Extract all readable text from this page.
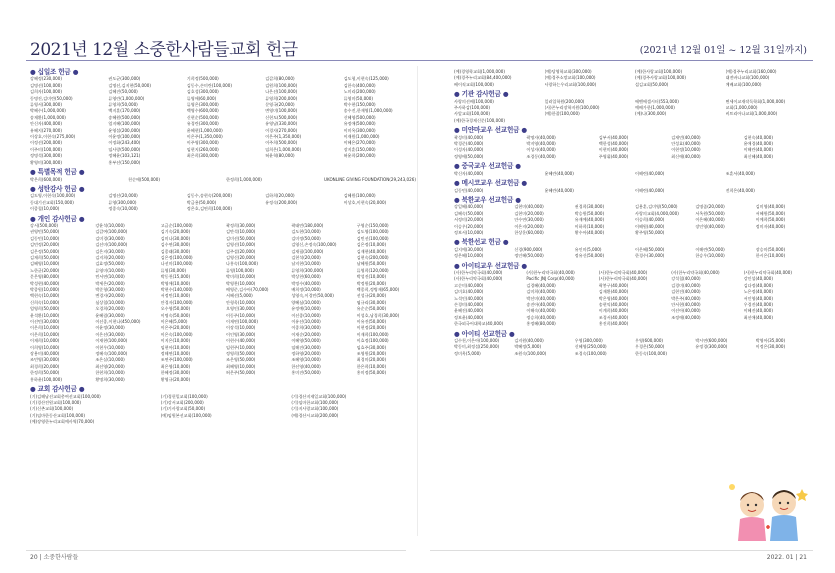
2021년 12월 소중한사람들교회 헌금	(2021년 12월 01일 ~ 12월 31일까지)
● 십일조 헌금 ●
강혜정(230,000)	권도균(300,000)	기희정(500,000)	김갑희(80,000)	김도형,이현숙(125,000)
김명선(100,000)	김명선,김지현(50,000)	김동수,손미란(100,000)	김원희(100,000)	김한숙(400,000)
김희자(100,000)	김혜진(50,000)	김호성(300,000)	나은선(100,000)	노미리(200,000)
동명진,김미란(50,000)	류영란(1,000,000)	류영애(60,000)	류영희(200,000)	류영미(50,000)
류영서(300,000)	류영희(50,000)	류영은(300,000)	문영국(20,000)	박수현(150,000)
박혜수(1,000,000)	백지훈(170,000)	백영수(600,000)	변영미(100,000)	송수진,한재영(1,000,000)
송재환(1,000,000)	송혜원(500,000)	신현순(500,000)	신현도(500,000)	신혜영(500,000)
안신자(400,000)	엄지혜(100,000)	유경란(300,000)	유영남(330,000)	유정애(500,000)
유혜지(270,000)	윤영섭(200,000)	윤혜현(1,000,000)	이경자(270,000)	이미옥(300,000)
이상호,이현숙(275,000)	이윤정(100,000)	이은주(1,350,000)	이은주(1,350,000)	이재원(1,000,000)
이정선(200,000)	이정화(243,400)	이주영(300,000)	이주희(500,000)	이혜은(270,000)
이주미(100,000)	임사랑(500,000)	임현지(260,000)	임희은(1,000,000)	장지훈(150,000)
정명석(300,000)	정혜윤(103,121)	최은희(300,000)	허윤혁(80,000)	허윤희(200,000)
황영미(300,000)	홍부선(150,000)
● 특별목적 헌금 ●
박은희(600,000)	천순애(500,000)	한정희(1,000,000)	UKONLINE GIVING FOUNDATION(29,243,026)
● 성탄감사 헌금 ●
김도영,이현숙(100,000)	김명선(20,000)	김동수,송현숙(200,000)	김하희(20,000)	김혜원(100,000)
동대기선교회(150,000)	류영(300,000)	박금용(50,000)	유정숙(200,000)	이상호,이현숙(20,000)
이종철(10,000)	정종숙(10,000)	정은호,김연희(100,000)
● 개인 감사헌금 ●
강서(500,000)	강윤석(10,000)	고급순(100,000)	곽정희(30,000)	곽태민(180,000)	구영순(150,000)
권영민(50,000)	김갑여(100,000)	김기숙(20,000)	김만석(10,000)	김도현(10,000)	김도영(100,000)
김동민(10,000)	김미경(30,000)	김미나(30,000)	김미선(50,000)	김미정(50,000)	김민선(100,000)
김민정(20,000)	김선미(100,000)	김수연(30,000)	김영선(10,000)	김영신,손정숙(100,000)	김은정(10,000)
김은정(50,000)	김은지(30,000)	김종래(30,000)	김주섭(20,000)	김재필(100,000)	김재현(40,000)
김재희(50,000)	김지희(20,000)	김은정(100,000)	김영신(20,000)	김현석(20,000)	김현숙(200,000)
김혜영(10,000)	김효정(50,000)	나선미(100,000)	나홍숙(100,000)	남지현(10,000)	남혜원(50,000)
노한균(20,000)	류영미(10,000)	류영(30,000)	류영(100,000)	류영희(300,000)	류영희(120,000)
문은영(80,000)	민서연(10,000)	박동천(15,000)	박미희(10,000)	박상천(60,000)	박성진(10,000)
박성현(40,000)	박세은(20,000)	박영애(10,000)	박영찬(10,000)	박정수(40,000)	박정원(20,000)
박종원(10,000)	박준형(30,000)	박현수(140,000)	배영준,김수아(70,000)	배희정(10,000)	백종희,정병재(65,000)
백현숙(10,000)	변경자(20,000)	서정민(10,000)	서혜선(5,000)	성영숙,이경민(50,000)	선성규(20,000)
신희숙(10,000)	심상철(10,000)	안경자(100,000)	안형욱(10,000)	양혜심(10,000)	염규리(30,000)
엄영희(50,000)	오경희(20,000)	오수영(50,000)	오영인(30,000)	유정예(10,000)	유순순(50,000)
윤석환(10,000)	윤혜림(30,000)	이명숙(50,000)	이동주(10,000)	이선종(10,000)	이성호,남경희(30,000)
이선민(30,000)	이선종,이현나(450,000)	이은혜(5,000)	이재연(100,000)	이유선(10,000)	이유진(50,000)
이은희(10,000)	이윤정(30,000)	이은주(20,000)	이장석(10,000)	이종희(30,000)	이현정(20,000)
이은희(10,000)	이은선(30,000)	이은숙(100,000)	이인영(30,000)	이재순(20,000)	이재희(100,000)
이재희(10,000)	이재현(100,000)	이지은(10,000)	이현수(40,000)	이혜영(50,000)	이효정(100,000)
이희영(10,000)	이현우(10,000)	임현아(10,000)	임현주(10,000)	임해진(30,000)	임효주(30,000)
장용미(40,000)	정혜숙(100,000)	정해연(10,000)	정영희(50,000)	정하영(20,000)	조영원(20,000)
조민영(30,000)	조은실(10,000)	조연주(100,000)	조은영(50,000)	조혜영(10,000)	최경미(20,000)
최경희(20,000)	최선영(20,000)	최은영(10,000)	최혜영(10,000)	한선영(40,000)	한은희(10,000)
한정희(50,000)	한현희(10,000)	한혜정(30,000)	허은주(50,000)	홍미진(50,000)	홍미정(50,000)
홍하윤(100,000)	황명희(30,000)	황영규(20,000)
● 교회 감사헌금 ●
(기)김해남선교회총여선교회(100,000)	(기)경헌밀교회(100,000)	(기)경산지제일교회(100,000)
(기)경산전원교회(100,000)	(기)강서교회(200,000)	(기)임마한교회(100,000)
(기)신촌교회(100,000)	(기)기사랑교회(50,000)	(기)지사랑교회(100,000)
(기)임마한동산교회(100,000)	(예)임원본선교회(100,000)	(예)경산시교회(200,000)
(예)장영한누리교회예사역(70,000)
(예)경영학교회(1,000,000)	(예)당영학교회(300,000)	(예)한사랑교회(100,000)	(예)경주누리교회(160,000)
(예)경주누리교회(84,400,000)	(예)경주소망교회(100,000)	(예)경주사랑교회(100,000)	대전바나교회(100,000)
베이직교회(100,000)	사랑하는우리교회(100,000)	섬김교회(50,000)	예배교회(100,000)
● 기관 감사헌금 ●
사랑의선배(100,000)	일러입학원(200,000)	에벤에셀시터(553,000)	면세이교재작독학회(1,000,000)
주사하감(100,000)	(사)존누리장학지원(100,000)	예배가한(1,000,000)	교회(1,000,000)
사앞교회(100,000)	(예)한잡(100,000)	(예)나(300,000)	비트리아나교회(1,000,000)
(예)한국경제신문(100,000)
● 미얀마교우 선교헌금 ●
곽성미(40,000)	곽명자(40,000)	김부서(40,000)	김재민(40,000)	김현숙(40,000)
박경준(40,000)	박지영(40,000)	백한성(40,000)	안성효(40,000)	윤애경(40,000)
이성자(40,000)	이성자(40,000)	이현미(40,000)	이현정(10,000)	이해란(40,000)
정영애(50,000)	조경동(40,000)	주영휘(40,000)	최신애(40,000)	최신혜(40,000)
● 중국교우 선교헌금 ●
박신자(40,000)	윤혜란(40,000)	이해련(40,000)	조훈서(40,000)
● 메시코교우 선교헌금 ●
김동민(40,000)	윤혜란(40,000)	이해련(40,000)	전희은(40,000)
● 북한교우 선교헌금 ●
강일혜(40,000)	김현미(40,000)	권경희(30,000)	김용훈,김미영(50,000)	김명좀(20,000)	김미영(40,000)
김혜숙(50,000)	김현미(20,000)	박승원(50,000)	사랑의교회(4,000,000)	서옥원(50,000)	서혜원(50,000)
서정미(20,000)	안수연(30,000)	유재예(40,000)	이승희(40,000)	이은혜(40,000)	이예희(50,000)
이승우(20,000)	이은지(20,000)	이하희(10,000)	이해원(40,000)	장인영(40,000)	정미자(40,000)
정보서(10,000)	한상운(60,000)	황수아(40,000)	황주영(50,000)
● 북한선교 헌금 ●
김지예(30,000)	신경(900,000)	유인미(5,000)	이은혜(50,000)	이해련(50,000)	장승미(50,000)
정은혜(10,000)	정인혜(50,000)	정유신(50,000)	한경수(30,000)	한승우(10,000)	한시은(10,000)
● 아이티교우 선교헌금 ●
(사)한누리약국회(40,000)	(사)한누리약국회(40,000)	(사)한누리약국회(40,000)	(사)한누리약국회(40,000)	(사)한누리약국회(40,000)
(사)한누리약국회(40,000)	Pacific JNJ Corp(40,000)	(사)한누리약국회(40,000)	강석철(40,000)	강인섭(40,000)
고순미(40,000)	김경혜(40,000)	곽봉구(40,000)	김경미(40,000)	김다정(40,000)
김미호(40,000)	김미희(40,000)	김재환(40,000)	김현진(40,000)	노은정(40,000)
노석인(40,000)	박선미(40,000)	박은영(40,000)	박은주(40,000)	서인영(40,000)
손경미(40,000)	송진아(40,000)	송현익(40,000)	안서현(40,000)	우경진(40,000)
윤혜진(40,000)	이해숙(40,000)	이계희(40,000)	이선아(40,000)	이혜진(40,000)
정보윤(40,000)	정승희(40,000)	조경서(40,000)	조정애(40,000)	최선애(40,000)
한국외국어대학교(40,000)	홍정혜(80,000)	홍진희(40,000)
● 아이티 선교헌금 ●
김수천,이은아(100,000)	김지원(40,000)	우영(300,000)	우영(600,000)	박시연(600,000)	박영아(35,000)
박동미,최정섭(250,000)	박혜정(5,000)	신혜영(250,000)	우경은(50,000)	유정경(300,000)	이정은(30,000)
정미옥(5,000)	조원숙(100,000)	조경숙(100,000)	한동숙(100,000)
20 | 소중한사람들	2022. 01 | 21
